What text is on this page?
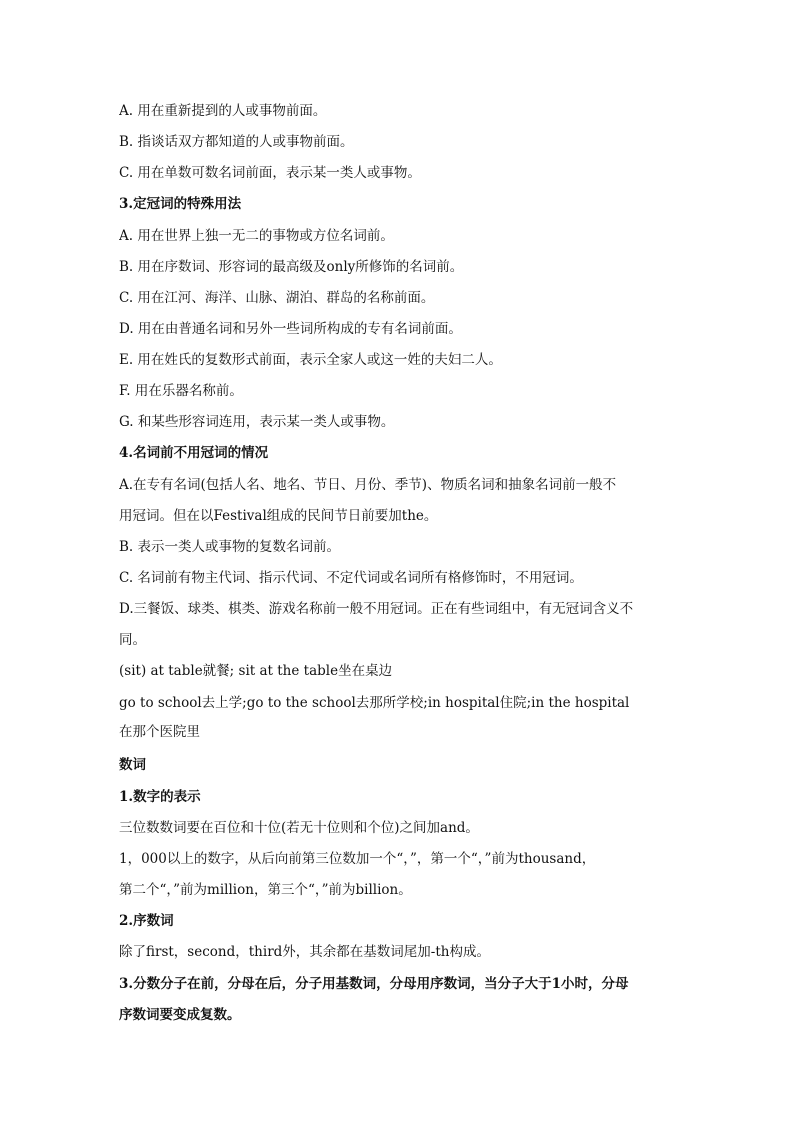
A. 用在重新提到的人或事物前面。
B. 指谈话双方都知道的人或事物前面。
C. 用在单数可数名词前面，表示某一类人或事物。
3.定冠词的特殊用法
A. 用在世界上独一无二的事物或方位名词前。
B. 用在序数词、形容词的最高级及only所修饰的名词前。
C. 用在江河、海洋、山脉、湖泊、群岛的名称前面。
D. 用在由普通名词和另外一些词所构成的专有名词前面。
E. 用在姓氏的复数形式前面，表示全家人或这一姓的夫妇二人。
F. 用在乐器名称前。
G. 和某些形容词连用，表示某一类人或事物。
4.名词前不用冠词的情况
A.在专有名词(包括人名、地名、节日、月份、季节)、物质名词和抽象名词前一般不
用冠词。但在以Festival组成的民间节日前要加the。
B. 表示一类人或事物的复数名词前。
C. 名词前有物主代词、指示代词、不定代词或名词所有格修饰时，不用冠词。
D.三餐饭、球类、棋类、游戏名称前一般不用冠词。正在有些词组中，有无冠词含义不
同。
(sit) at table就餐; sit at the table坐在桌边
go to school去上学;go to the school去那所学校;in hospital住院;in the hospital
在那个医院里
数词
1.数字的表示
三位数数词要在百位和十位(若无十位则和个位)之间加and。
1，000以上的数字，从后向前第三位数加一个“，”，第一个“，”前为thousand，
第二个“，”前为million，第三个“，”前为billion。
2.序数词
除了first，second，third外，其余都在基数词尾加-th构成。
3.分数分子在前，分母在后，分子用基数词，分母用序数词，当分子大于1小时，分母
序数词要变成复数。
